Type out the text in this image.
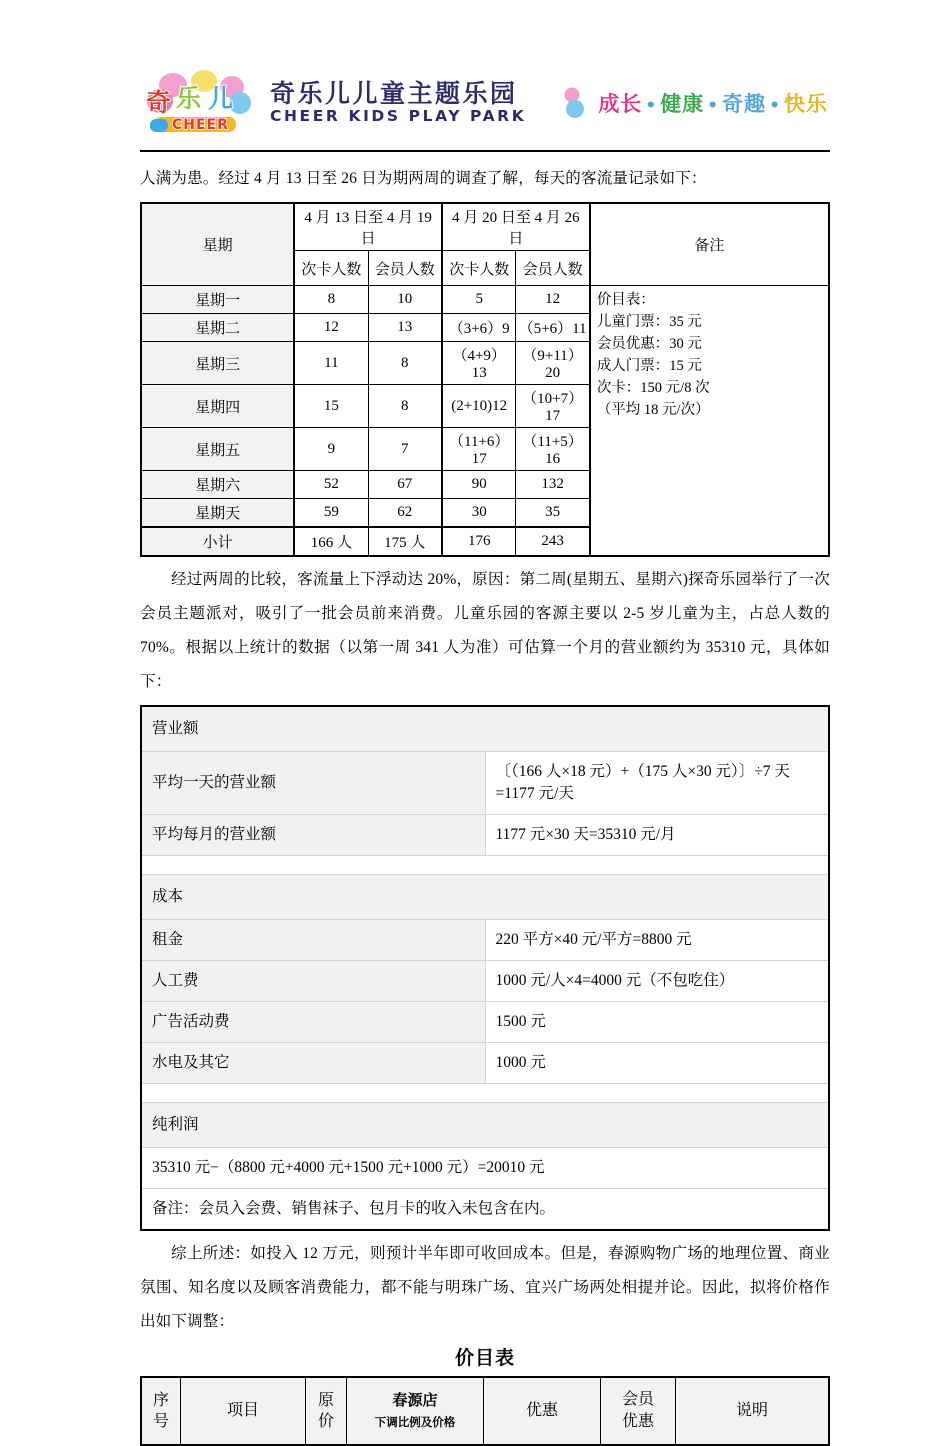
奇 乐 儿
CHEER
奇乐儿儿童主题乐园
CHEER KIDS PLAY PARK
成长 • 健康 • 奇趣 • 快乐

人满为患。经过 4 月 13 日至 26 日为期两周的调查了解，每天的客流量记录如下：

星期	4 月 13 日至 4 月 19 日		4 月 20 日至 4 月 26 日		备注
	次卡人数	会员人数	次卡人数	会员人数	
星期一	8	10	5	12	价目表：
儿童门票：35 元
会员优惠：30 元
成人门票：15 元
次卡：150 元/8 次
（平均 18 元/次）

星期二	12	13	（3+6）9	（5+6）11	
星期三	11	8	（4+9）13	（9+11）20	
星期四	15	8	(2+10)12	（10+7）17	
星期五	9	7	（11+6）17	（11+5）16	
星期六	52	67	90	132	
星期天	59	62	30	35	
小计	166 人	175 人	176	243	

经过两周的比较，客流量上下浮动达 20%，原因：第二周(星期五、星期六)探奇乐园举行了一次会员主题派对，吸引了一批会员前来消费。儿童乐园的客源主要以 2-5 岁儿童为主，占总人数的 70%。根据以上统计的数据（以第一周 341 人为准）可估算一个月的营业额约为 35310 元，具体如下：

营业额	
平均一天的营业额	〔（166 人×18 元）+（175 人×30 元）〕÷7 天=1177 元/天
平均每月的营业额	1177 元×30 天=35310 元/月

成本	
租金	220 平方×40 元/平方=8800 元
人工费	1000 元/人×4=4000 元（不包吃住）
广告活动费	1500 元
水电及其它	1000 元

纯利润	
35310 元−（8800 元+4000 元+1500 元+1000 元）=20010 元	
备注：会员入会费、销售袜子、包月卡的收入未包含在内。	

综上所述：如投入 12 万元，则预计半年即可收回成本。但是，春源购物广场的地理位置、商业氛围、知名度以及顾客消费能力，都不能与明珠广场、宜兴广场两处相提并论。因此，拟将价格作出如下调整：

价目表
序号	项目	原价	春源店
下调比例及价格
	优惠	会员优惠	说明
